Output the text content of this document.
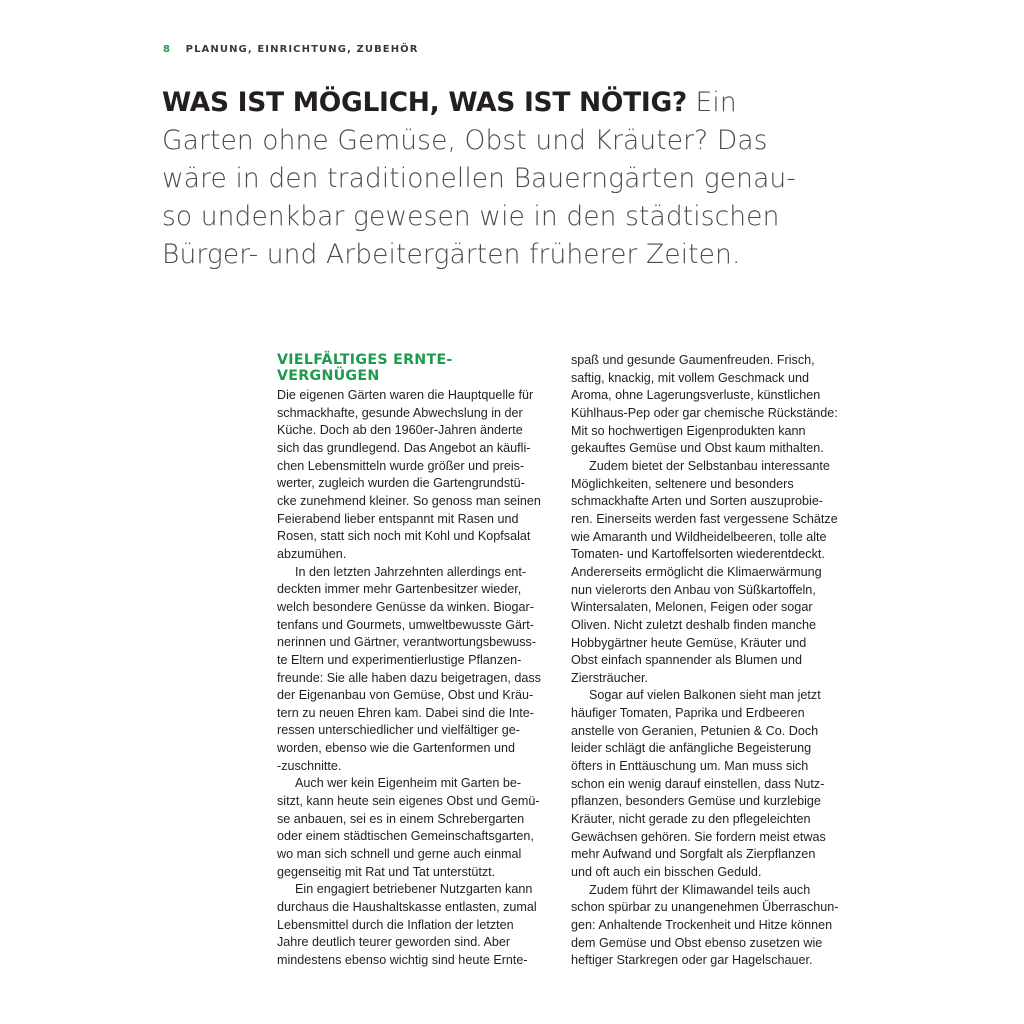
8 PLANUNG, EINRICHTUNG, ZUBEHÖR

WAS IST MÖGLICH, WAS IST NÖTIG? Ein
Garten ohne Gemüse, Obst und Kräuter? Das
wäre in den traditionellen Bauerngärten genau-
so undenkbar gewesen wie in den städtischen
Bürger- und Arbeitergärten früherer Zeiten.

VIELFÄLTIGES ERNTE-
VERGNÜGEN
Die eigenen Gärten waren die Hauptquelle für
schmackhafte, gesunde Abwechslung in der
Küche. Doch ab den 1960er-Jahren änderte
sich das grundlegend. Das Angebot an käufli-
chen Lebensmitteln wurde größer und preis-
werter, zugleich wurden die Gartengrundstü-
cke zunehmend kleiner. So genoss man seinen
Feierabend lieber entspannt mit Rasen und
Rosen, statt sich noch mit Kohl und Kopfsalat
abzumühen.
In den letzten Jahrzehnten allerdings ent-
deckten immer mehr Gartenbesitzer wieder,
welch besondere Genüsse da winken. Biogar-
tenfans und Gourmets, umweltbewusste Gärt-
nerinnen und Gärtner, verantwortungsbewuss-
te Eltern und experimentierlustige Pflanzen-
freunde: Sie alle haben dazu beigetragen, dass
der Eigenanbau von Gemüse, Obst und Kräu-
tern zu neuen Ehren kam. Dabei sind die Inte-
ressen unterschiedlicher und vielfältiger ge-
worden, ebenso wie die Gartenformen und
-zuschnitte.
Auch wer kein Eigenheim mit Garten be-
sitzt, kann heute sein eigenes Obst und Gemü-
se anbauen, sei es in einem Schrebergarten
oder einem städtischen Gemeinschaftsgarten,
wo man sich schnell und gerne auch einmal
gegenseitig mit Rat und Tat unterstützt.
Ein engagiert betriebener Nutzgarten kann
durchaus die Haushaltskasse entlasten, zumal
Lebensmittel durch die Inflation der letzten
Jahre deutlich teurer geworden sind. Aber
mindestens ebenso wichtig sind heute Ernte-
spaß und gesunde Gaumenfreuden. Frisch,
saftig, knackig, mit vollem Geschmack und
Aroma, ohne Lagerungsverluste, künstlichen
Kühlhaus-Pep oder gar chemische Rückstände:
Mit so hochwertigen Eigenprodukten kann
gekauftes Gemüse und Obst kaum mithalten.
Zudem bietet der Selbstanbau interessante
Möglichkeiten, seltenere und besonders
schmackhafte Arten und Sorten auszuprobie-
ren. Einerseits werden fast vergessene Schätze
wie Amaranth und Wildheidelbeeren, tolle alte
Tomaten- und Kartoffelsorten wiederentdeckt.
Andererseits ermöglicht die Klimaerwärmung
nun vielerorts den Anbau von Süßkartoffeln,
Wintersalaten, Melonen, Feigen oder sogar
Oliven. Nicht zuletzt deshalb finden manche
Hobbygärtner heute Gemüse, Kräuter und
Obst einfach spannender als Blumen und
Ziersträucher.
Sogar auf vielen Balkonen sieht man jetzt
häufiger Tomaten, Paprika und Erdbeeren
anstelle von Geranien, Petunien & Co. Doch
leider schlägt die anfängliche Begeisterung
öfters in Enttäuschung um. Man muss sich
schon ein wenig darauf einstellen, dass Nutz-
pflanzen, besonders Gemüse und kurzlebige
Kräuter, nicht gerade zu den pflegeleichten
Gewächsen gehören. Sie fordern meist etwas
mehr Aufwand und Sorgfalt als Zierpflanzen
und oft auch ein bisschen Geduld.
Zudem führt der Klimawandel teils auch
schon spürbar zu unangenehmen Überraschun-
gen: Anhaltende Trockenheit und Hitze können
dem Gemüse und Obst ebenso zusetzen wie
heftiger Starkregen oder gar Hagelschauer.
